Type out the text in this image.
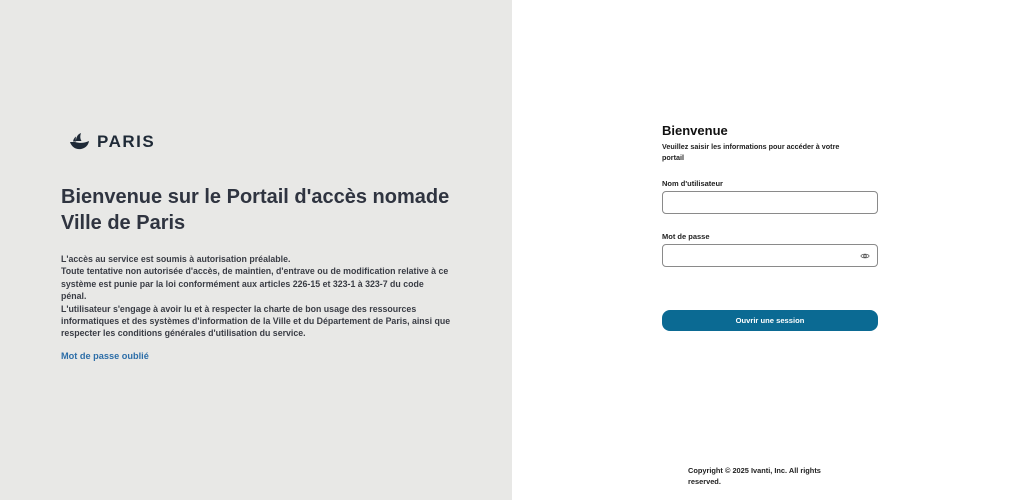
PARIS
Bienvenue sur le Portail d'accès nomade Ville de Paris

L'accès au service est soumis à autorisation préalable.

Toute tentative non autorisée d'accès, de maintien, d'entrave ou de modification relative à ce système est punie par la loi conformément aux articles 226-15 et 323-1 à 323-7 du code pénal.

L'utilisateur s'engage à avoir lu et à respecter la charte de bon usage des ressources informatiques et des systèmes d'information de la Ville et du Département de Paris, ainsi que respecter les conditions générales d'utilisation du service.

Mot de passe oublié
Bienvenue
Veuillez saisir les informations pour accéder à votre portail
Nom d'utilisateur
Mot de passe
Ouvrir une session
Copyright © 2025 Ivanti, Inc. All rights reserved.
